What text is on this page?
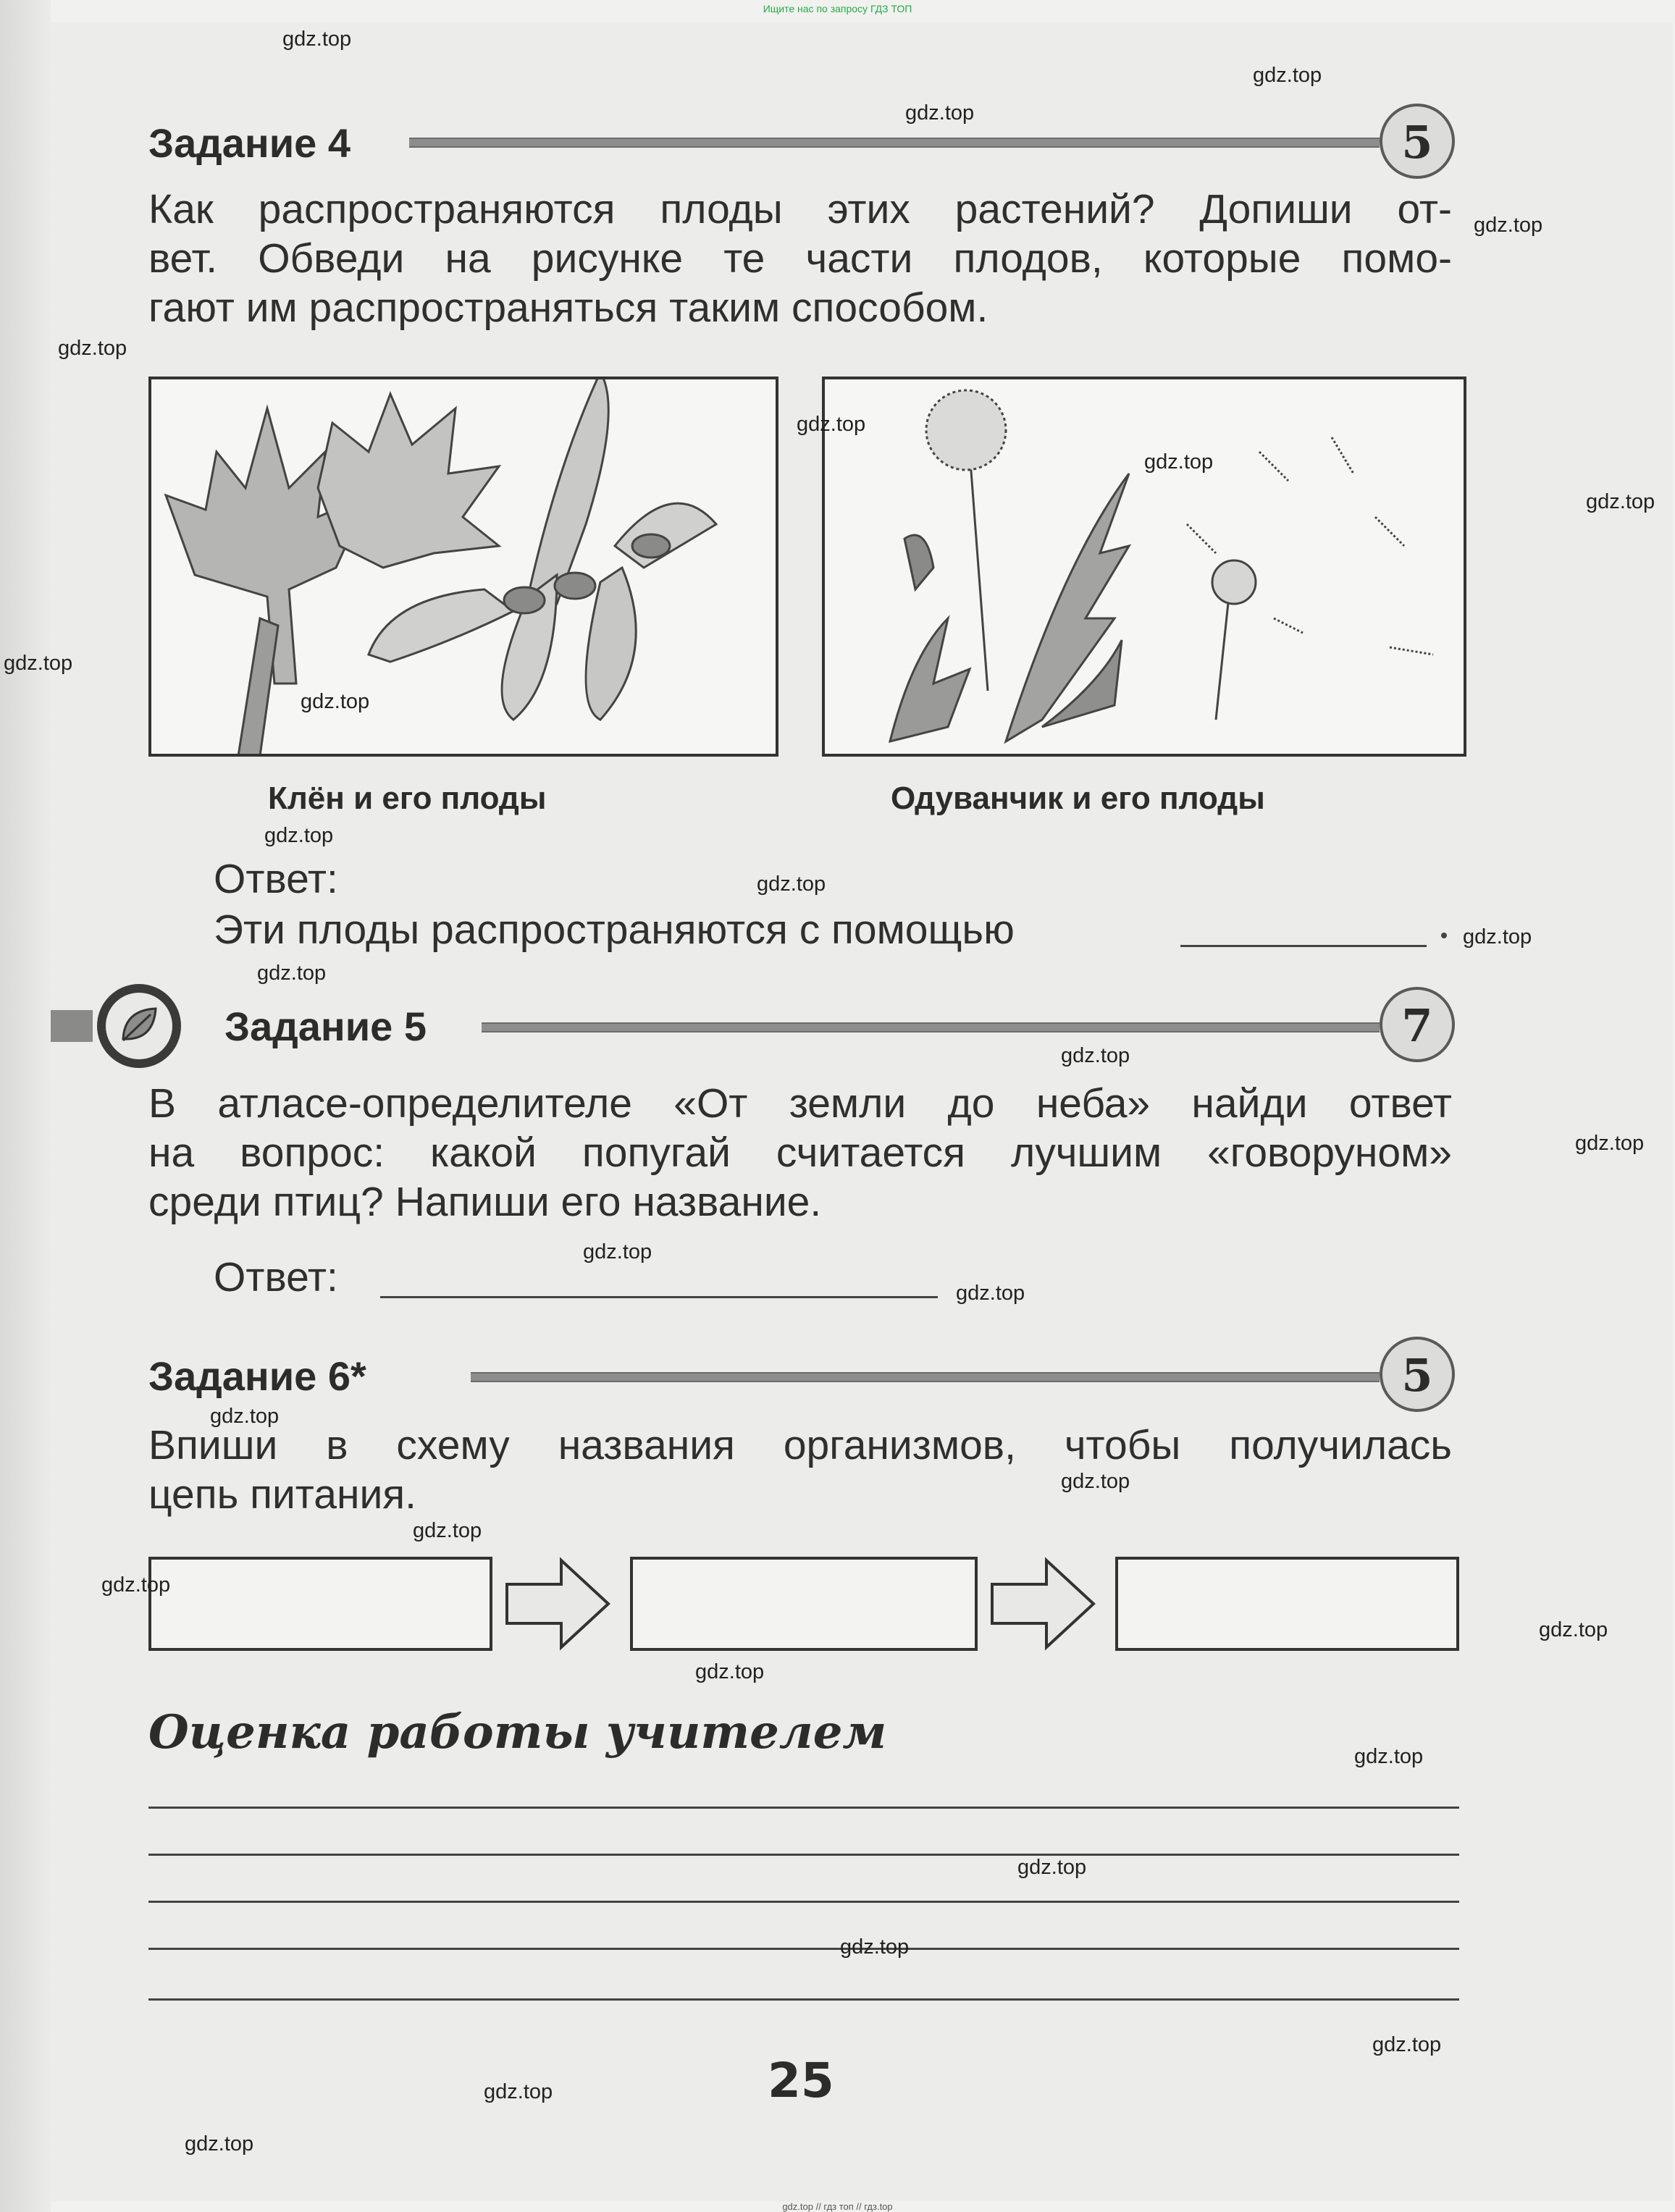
Ищите нас по запросу ГДЗ ТОП
Задание 4	5
Как распространяются плоды этих растений? Допиши от-
вет. Обведи на рисунке те части плодов, которые помо-
гают им распространяться таким способом.
Клён и его плоды	Одуванчик и его плоды
Ответ:
Эти плоды распространяются с помощью
Задание 5	7
В атласе-определителе «От земли до неба» найди ответ
на вопрос: какой попугай считается лучшим «говоруном»
среди птиц? Напиши его название.
Ответ:
Задание 6*	5
Впиши в схему названия организмов, чтобы получилась
цепь питания.
Оценка работы учителем
25
gdz.top
gdz.top
gdz.top
gdz.top
gdz.top
gdz.top
gdz.top
gdz.top
gdz.top
gdz.top
gdz.top
gdz.top
gdz.top
gdz.top
gdz.top
gdz.top
gdz.top
gdz.top
gdz.top
gdz.top
gdz.top
gdz.top
gdz.top
gdz.top
gdz.top
gdz.top
gdz.top
gdz.top
gdz.top
gdz.top
gdz.top // гдз топ // гдз.top
